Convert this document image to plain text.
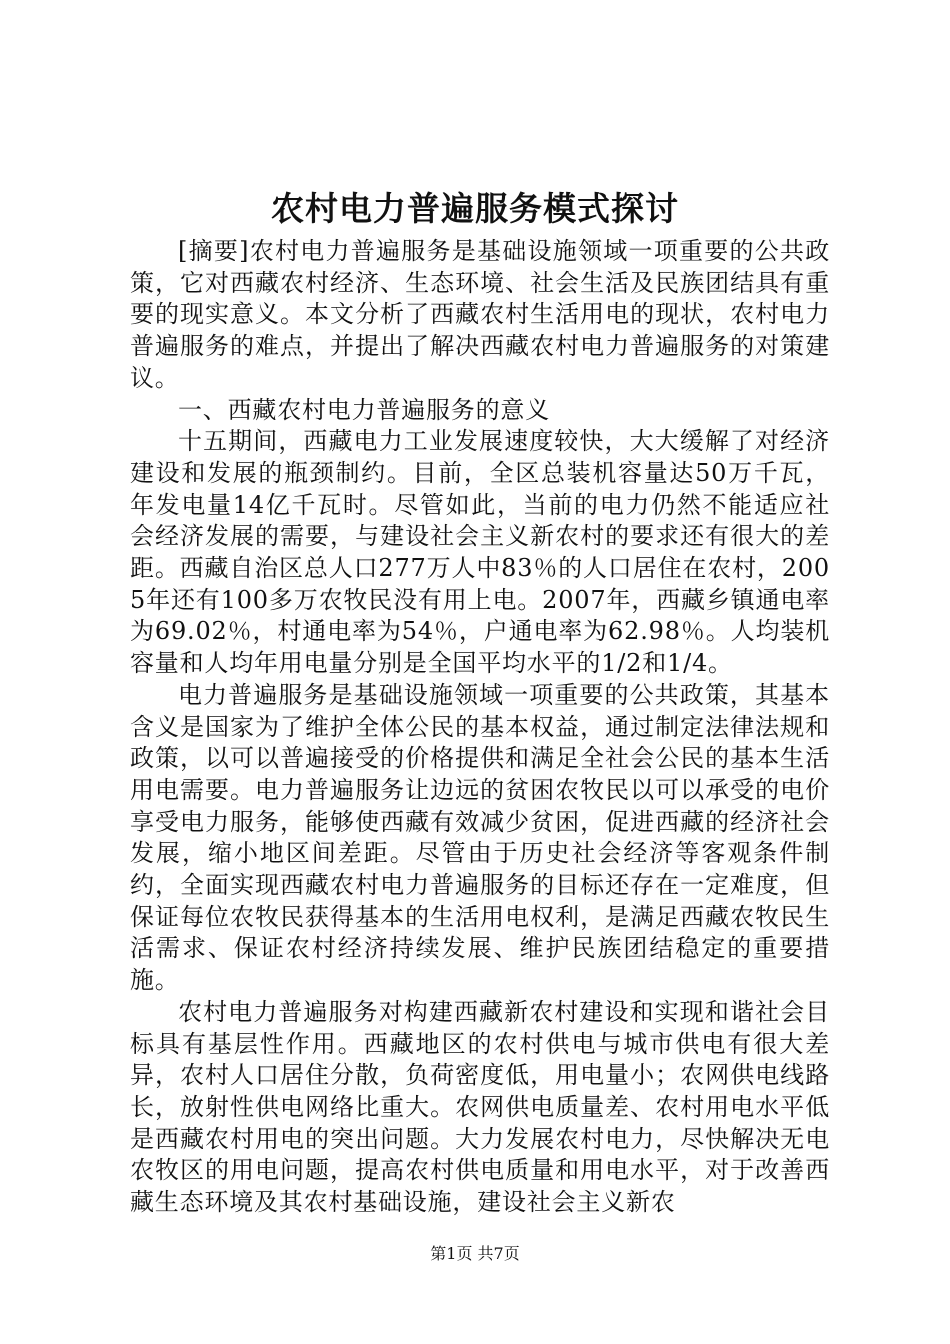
农村电力普遍服务模式探讨

[摘要]农村电力普遍服务是基础设施领域一项重要的公共政策，它对西藏农村经济、生态环境、社会生活及民族团结具有重要的现实意义。本文分析了西藏农村生活用电的现状，农村电力普遍服务的难点，并提出了解决西藏农村电力普遍服务的对策建议。

一、西藏农村电力普遍服务的意义

十五期间，西藏电力工业发展速度较快，大大缓解了对经济建设和发展的瓶颈制约。目前，全区总装机容量达50万千瓦，年发电量14亿千瓦时。尽管如此，当前的电力仍然不能适应社会经济发展的需要，与建设社会主义新农村的要求还有很大的差距。西藏自治区总人口277万人中83％的人口居住在农村，2005年还有100多万农牧民没有用上电。2007年，西藏乡镇通电率为69.02％，村通电率为54％，户通电率为62.98％。人均装机容量和人均年用电量分别是全国平均水平的1/2和1/4。

电力普遍服务是基础设施领域一项重要的公共政策，其基本含义是国家为了维护全体公民的基本权益，通过制定法律法规和政策，以可以普遍接受的价格提供和满足全社会公民的基本生活用电需要。电力普遍服务让边远的贫困农牧民以可以承受的电价享受电力服务，能够使西藏有效减少贫困，促进西藏的经济社会发展，缩小地区间差距。尽管由于历史社会经济等客观条件制约，全面实现西藏农村电力普遍服务的目标还存在一定难度，但保证每位农牧民获得基本的生活用电权利，是满足西藏农牧民生活需求、保证农村经济持续发展、维护民族团结稳定的重要措施。

农村电力普遍服务对构建西藏新农村建设和实现和谐社会目标具有基层性作用。西藏地区的农村供电与城市供电有很大差异，农村人口居住分散，负荷密度低，用电量小；农网供电线路长，放射性供电网络比重大。农网供电质量差、农村用电水平低是西藏农村用电的突出问题。大力发展农村电力，尽快解决无电农牧区的用电问题，提高农村供电质量和用电水平，对于改善西藏生态环境及其农村基础设施，建设社会主义新农

第1页 共7页
